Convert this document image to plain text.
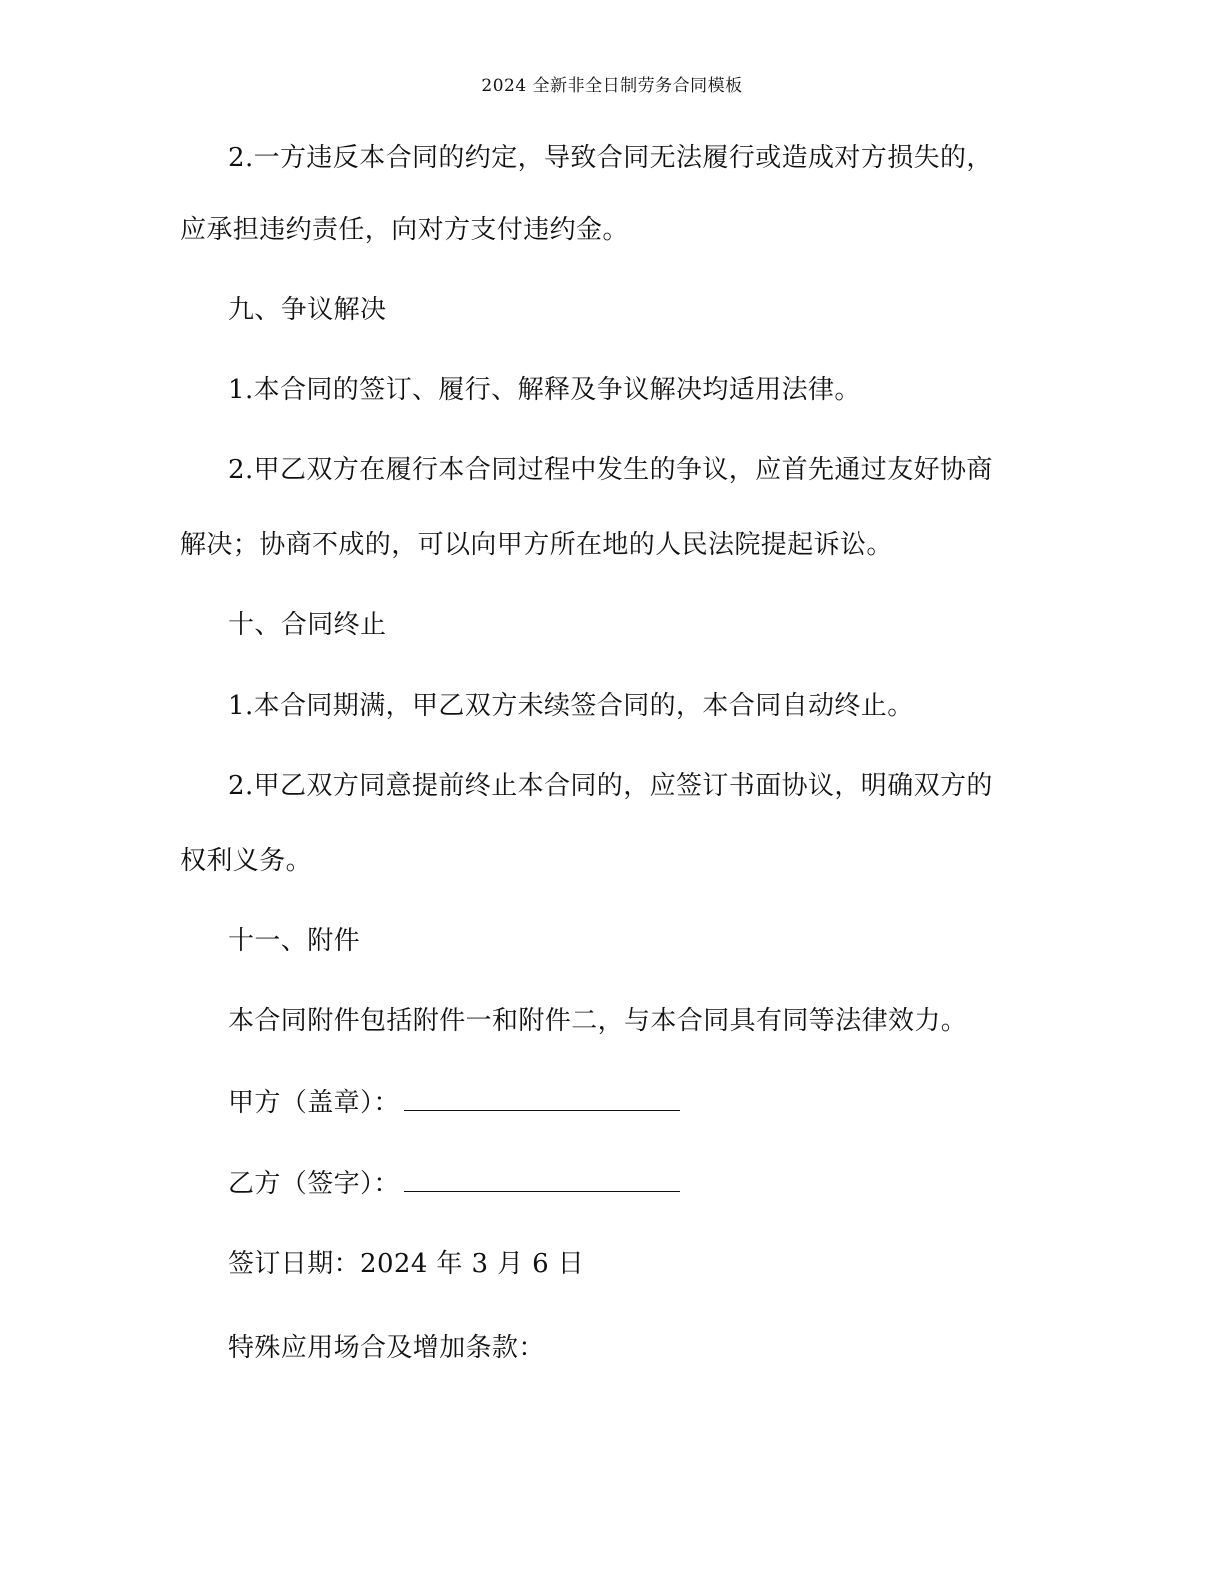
2024 全新非全日制劳务合同模板
2.一方违反本合同的约定，导致合同无法履行或造成对方损失的，
应承担违约责任，向对方支付违约金。
九、争议解决
1.本合同的签订、履行、解释及争议解决均适用法律。
2.甲乙双方在履行本合同过程中发生的争议，应首先通过友好协商
解决；协商不成的，可以向甲方所在地的人民法院提起诉讼。
十、合同终止
1.本合同期满，甲乙双方未续签合同的，本合同自动终止。
2.甲乙双方同意提前终止本合同的，应签订书面协议，明确双方的
权利义务。
十一、附件
本合同附件包括附件一和附件二，与本合同具有同等法律效力。
甲方（盖章）：
乙方（签字）：
签订日期：2024 年 3 月 6 日
特殊应用场合及增加条款：
